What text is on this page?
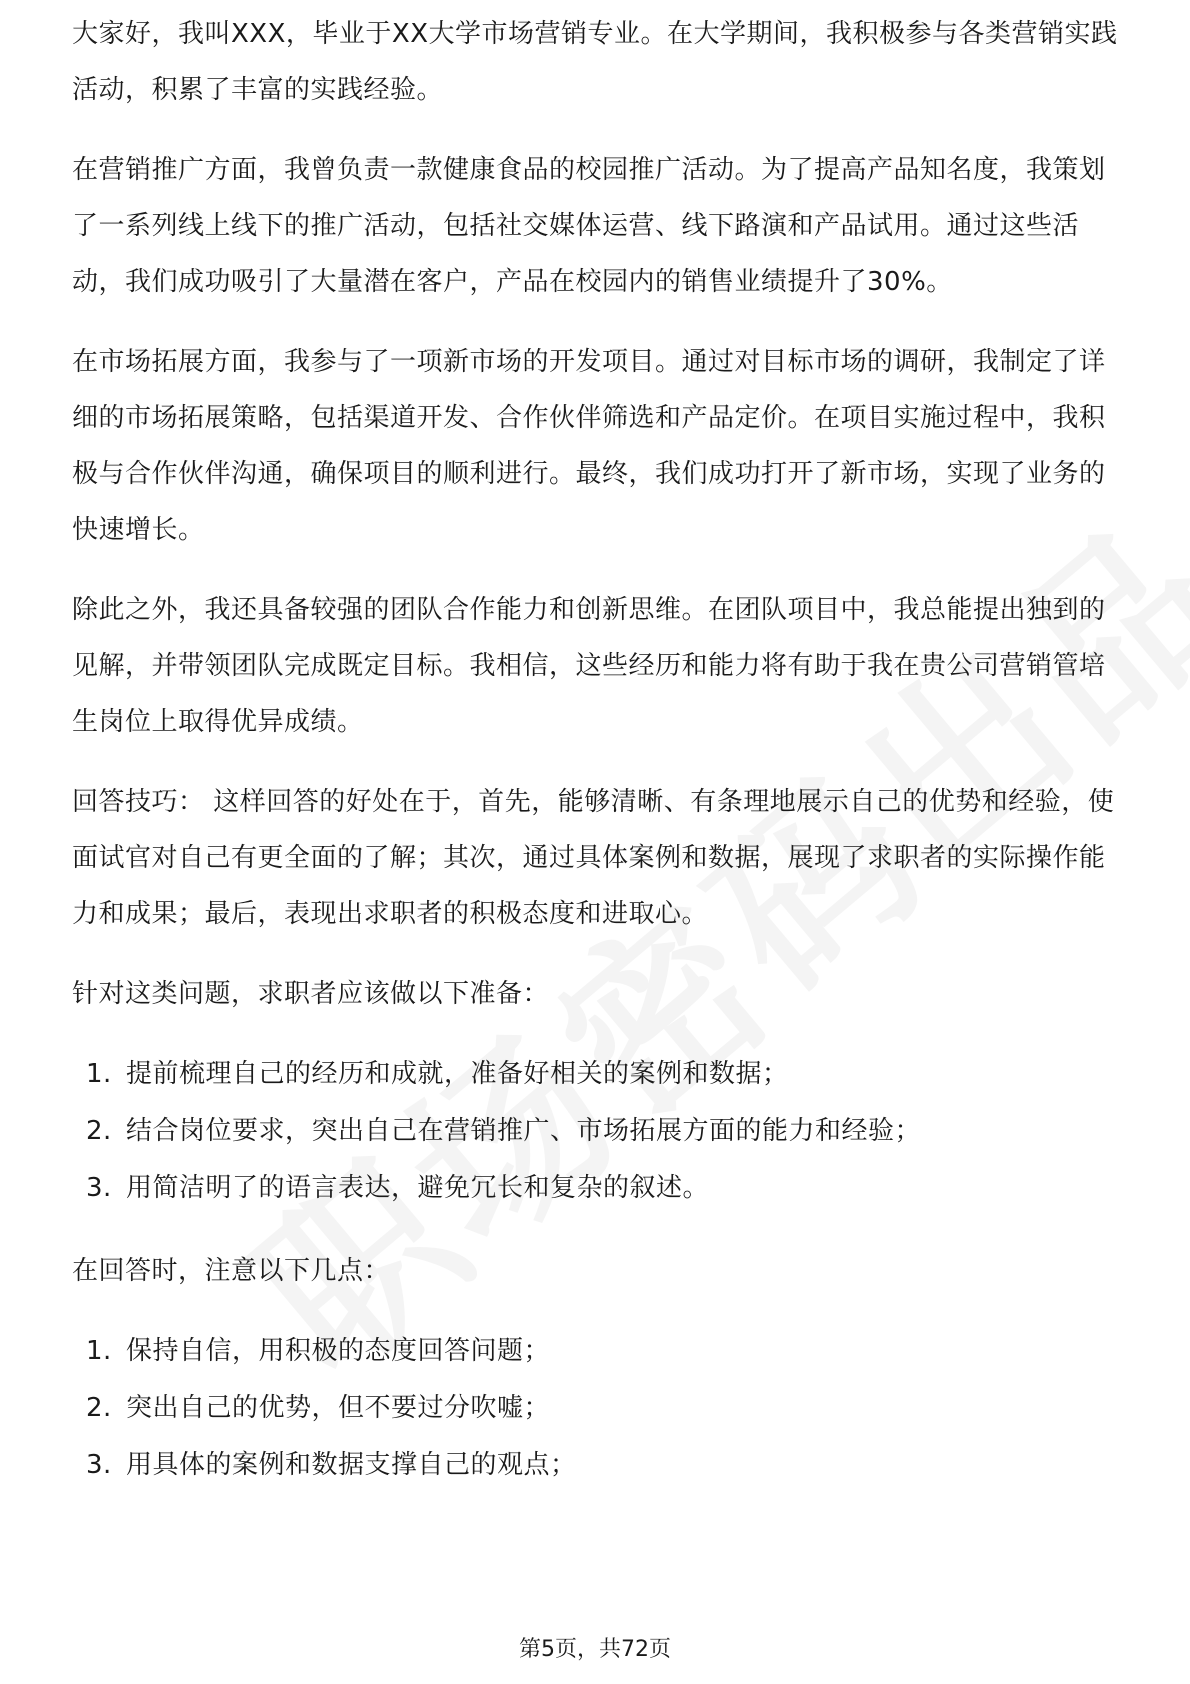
大家好，我叫XXX，毕业于XX大学市场营销专业。在大学期间，我积极参与各类营销实践活动，积累了丰富的实践经验。

在营销推广方面，我曾负责一款健康食品的校园推广活动。为了提高产品知名度，我策划了一系列线上线下的推广活动，包括社交媒体运营、线下路演和产品试用。通过这些活动，我们成功吸引了大量潜在客户，产品在校园内的销售业绩提升了30%。

在市场拓展方面，我参与了一项新市场的开发项目。通过对目标市场的调研，我制定了详细的市场拓展策略，包括渠道开发、合作伙伴筛选和产品定价。在项目实施过程中，我积极与合作伙伴沟通，确保项目的顺利进行。最终，我们成功打开了新市场，实现了业务的快速增长。

除此之外，我还具备较强的团队合作能力和创新思维。在团队项目中，我总能提出独到的见解，并带领团队完成既定目标。我相信，这些经历和能力将有助于我在贵公司营销管培生岗位上取得优异成绩。

回答技巧： 这样回答的好处在于，首先，能够清晰、有条理地展示自己的优势和经验，使面试官对自己有更全面的了解；其次，通过具体案例和数据，展现了求职者的实际操作能力和成果；最后，表现出求职者的积极态度和进取心。

针对这类问题，求职者应该做以下准备：

1. 提前梳理自己的经历和成就，准备好相关的案例和数据；
2. 结合岗位要求，突出自己在营销推广、市场拓展方面的能力和经验；
3. 用简洁明了的语言表达，避免冗长和复杂的叙述。

在回答时，注意以下几点：

1. 保持自信，用积极的态度回答问题；
2. 突出自己的优势，但不要过分吹嘘；
3. 用具体的案例和数据支撑自己的观点；
第5页，共72页
